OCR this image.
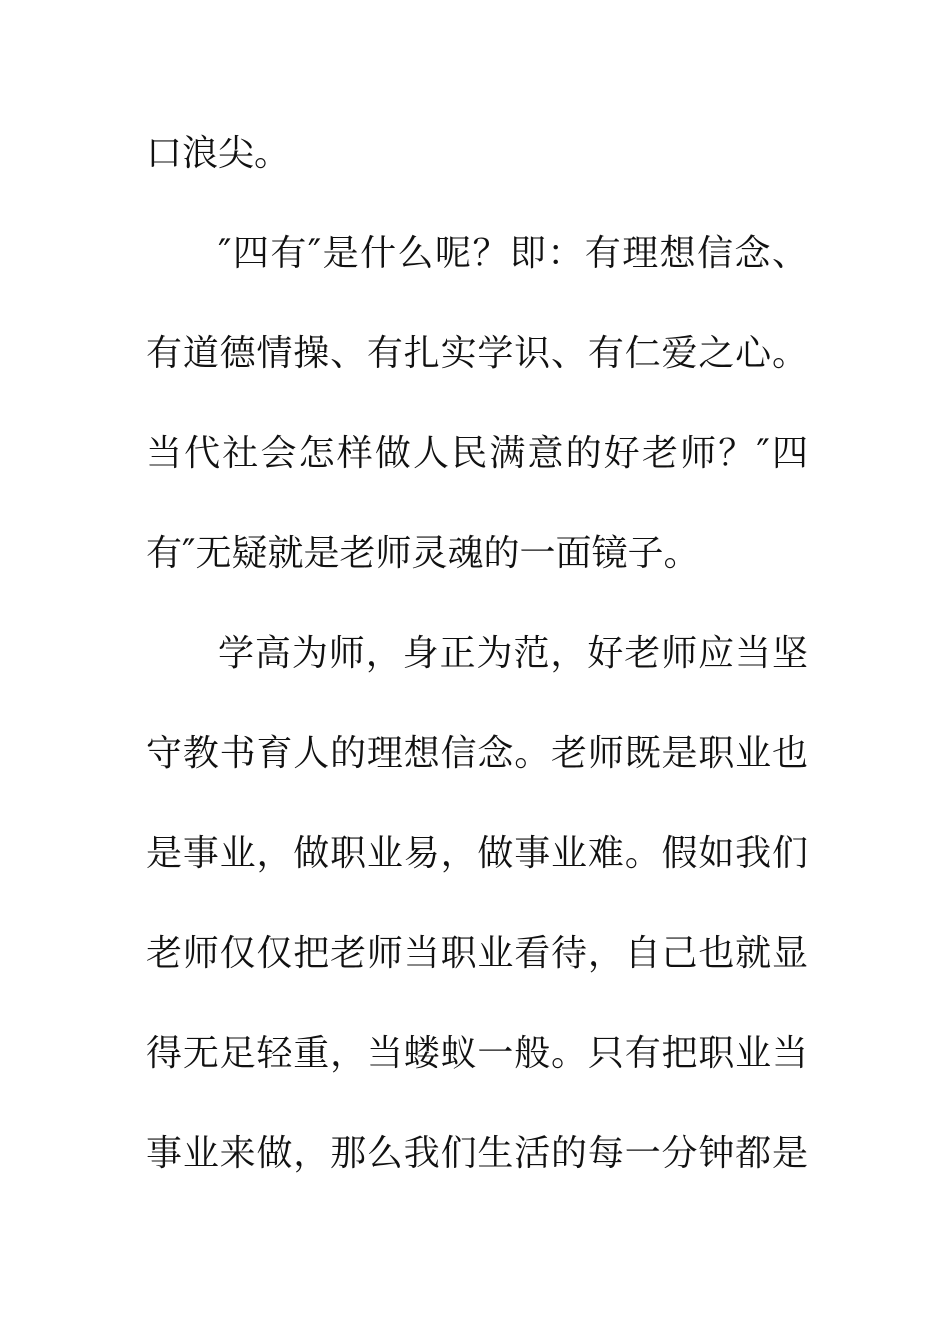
口浪尖。
″四有″是什么呢？即：有理想信念、
有道德情操、有扎实学识、有仁爱之心。
当代社会怎样做人民满意的好老师？″四
有″无疑就是老师灵魂的一面镜子。
学高为师，身正为范，好老师应当坚
守教书育人的理想信念。老师既是职业也
是事业，做职业易，做事业难。假如我们
老师仅仅把老师当职业看待，自己也就显
得无足轻重，当蝼蚁一般。只有把职业当
事业来做，那么我们生活的每一分钟都是
